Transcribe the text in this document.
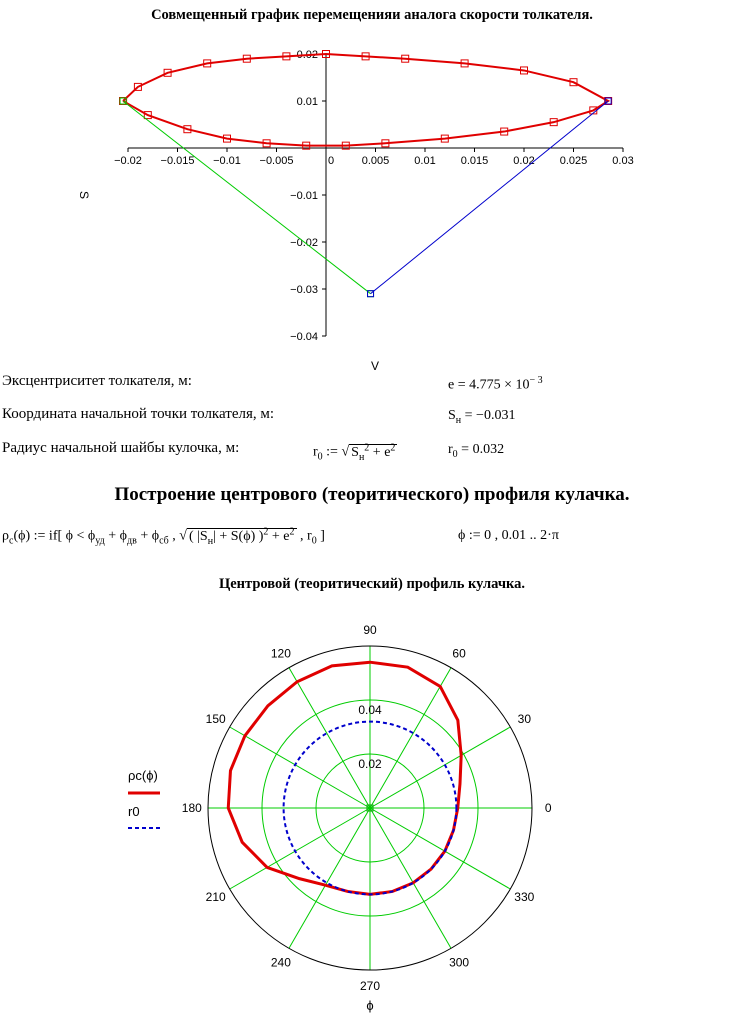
Совмещенный график перемещенияи аналога скорости толкателя.
−0.02 −0.015 −0.01 −0.005	0	0.005 0.01 0.015 0.02 0.025 0.03
0.02
0.01
−0.01
−0.02
−0.03
−0.04
V
S
Эксцентриситет толкателя, м:	$e = 4.775 \times 10^{- 3}$
Координата начальной точки толкателя, м:	$S_н = -0.031$
Радиус начальной шайбы кулочка, м:	$r_0$ := √ $S_н^2 + e^2$	$r_0 = 0.032$
Построение центрового (теоритического) профиля кулачка.
$\rho_c(\phi)$ := if[ $\phi < \phi_{уд} + \phi_{дв} + \phi_{сб}$ , √ ( $|S_н| + S(\phi) )^2 + e^2$ , $r_0$ ]	ϕ := 0 , 0.01 .. 2·π
Центровой (теоритический) профиль кулачка.
90
60
30
0
330
300
270
240
210
180
150
120
0.02
0.04
ϕ
ρc(ϕ)
r0
